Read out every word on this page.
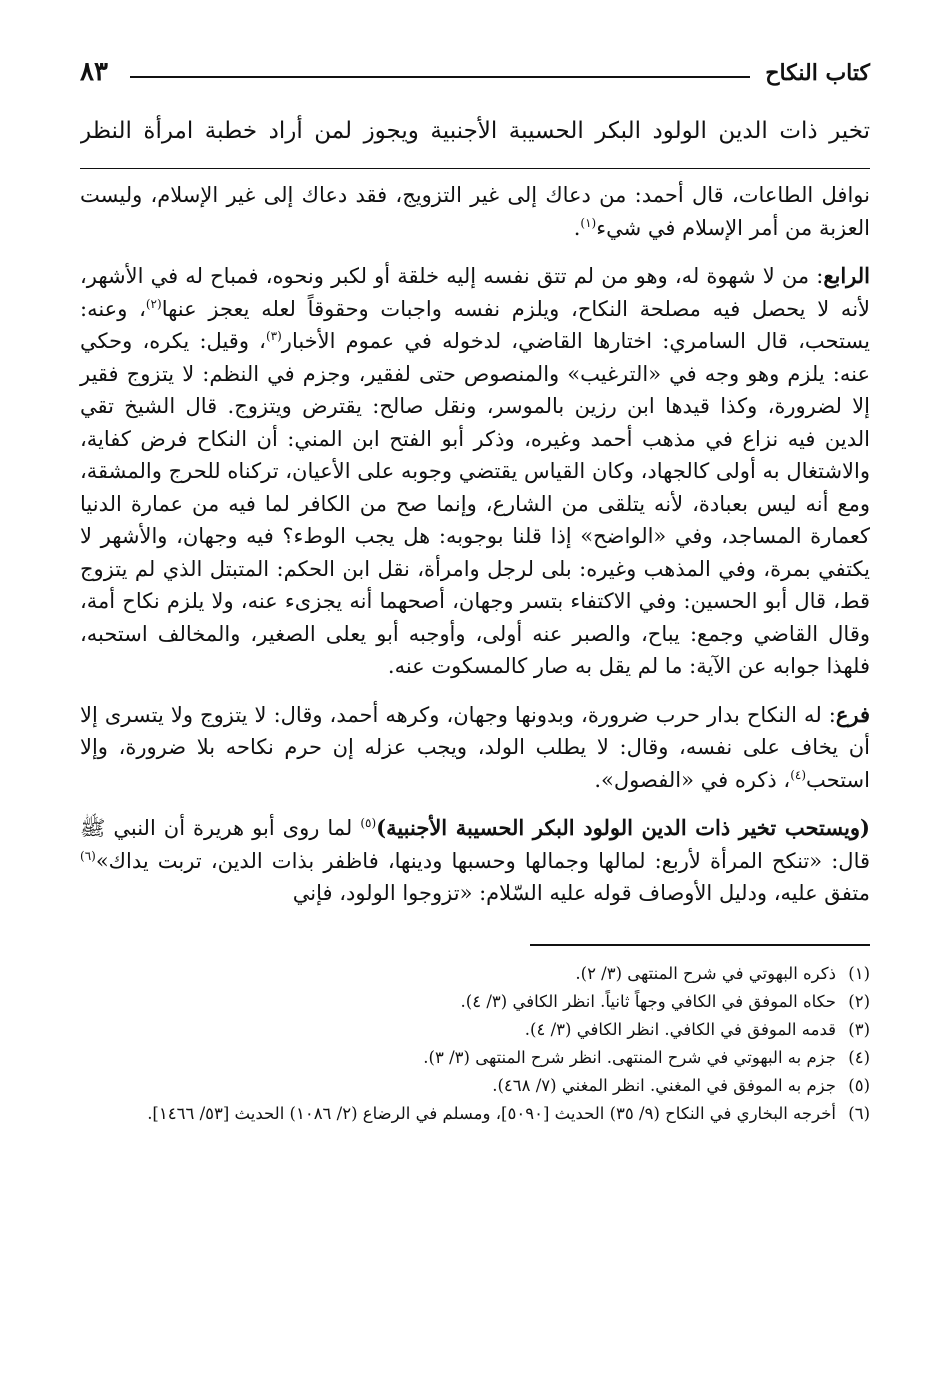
كتاب النكاح
٨٣
تخير ذات الدين الولود البكر الحسيبة الأجنبية ويجوز لمن أراد خطبة امرأة النظر

نوافل الطاعات، قال أحمد: من دعاك إلى غير التزويج، فقد دعاك إلى غير الإسلام، وليست العزبة من أمر الإسلام في شيء$^{(١)}$.

الرابع: من لا شهوة له، وهو من لم تتق نفسه إليه خلقة أو لكبر ونحوه، فمباح له في الأشهر، لأنه لا يحصل فيه مصلحة النكاح، ويلزم نفسه واجبات وحقوقاً لعله يعجز عنها$^{(٢)}$، وعنه: يستحب، قال السامري: اختارها القاضي، لدخوله في عموم الأخبار$^{(٣)}$، وقيل: يكره، وحكي عنه: يلزم وهو وجه في «الترغيب» والمنصوص حتى لفقير، وجزم في النظم: لا يتزوج فقير إلا لضرورة، وكذا قيدها ابن رزين بالموسر، ونقل صالح: يقترض ويتزوج. قال الشيخ تقي الدين فيه نزاع في مذهب أحمد وغيره، وذكر أبو الفتح ابن المني: أن النكاح فرض كفاية، والاشتغال به أولى كالجهاد، وكان القياس يقتضي وجوبه على الأعيان، تركناه للحرج والمشقة، ومع أنه ليس بعبادة، لأنه يتلقى من الشارع، وإنما صح من الكافر لما فيه من عمارة الدنيا كعمارة المساجد، وفي «الواضح» إذا قلنا بوجوبه: هل يجب الوطء؟ فيه وجهان، والأشهر لا يكتفي بمرة، وفي المذهب وغيره: بلى لرجل وامرأة، نقل ابن الحكم: المتبتل الذي لم يتزوج قط، قال أبو الحسين: وفي الاكتفاء بتسر وجهان، أصحهما أنه يجزىء عنه، ولا يلزم نكاح أمة، وقال القاضي وجمع: يباح، والصبر عنه أولى، وأوجبه أبو يعلى الصغير، والمخالف استحبه، فلهذا جوابه عن الآية: ما لم يقل به صار كالمسكوت عنه.

فرع: له النكاح بدار حرب ضرورة، وبدونها وجهان، وكرهه أحمد، وقال: لا يتزوج ولا يتسرى إلا أن يخاف على نفسه، وقال: لا يطلب الولد، ويجب عزله إن حرم نكاحه بلا ضرورة، وإلا استحب$^{(٤)}$، ذكره في «الفصول».

(ويستحب تخير ذات الدين الولود البكر الحسيبة الأجنبية)$^{(٥)}$ لما روى أبو هريرة أن النبي ﷺ قال: «تنكح المرأة لأربع: لمالها وجمالها وحسبها ودينها، فاظفر بذات الدين، تربت يداك»$^{(٦)}$ متفق عليه، ودليل الأوصاف قوله عليه السّلام: «تزوجوا الولود، فإني

(١)
ذكره البهوتي في شرح المنتهى (٣/ ٢).
(٢)
حكاه الموفق في الكافي وجهاً ثانياً. انظر الكافي (٣/ ٤).
(٣)
قدمه الموفق في الكافي. انظر الكافي (٣/ ٤).
(٤)
جزم به البهوتي في شرح المنتهى. انظر شرح المنتهى (٣/ ٣).
(٥)
جزم به الموفق في المغني. انظر المغني (٧/ ٤٦٨).
(٦)
أخرجه البخاري في النكاح (٩/ ٣٥) الحديث [٥٠٩٠]، ومسلم في الرضاع (٢/ ١٠٨٦) الحديث [٥٣/ ١٤٦٦].
